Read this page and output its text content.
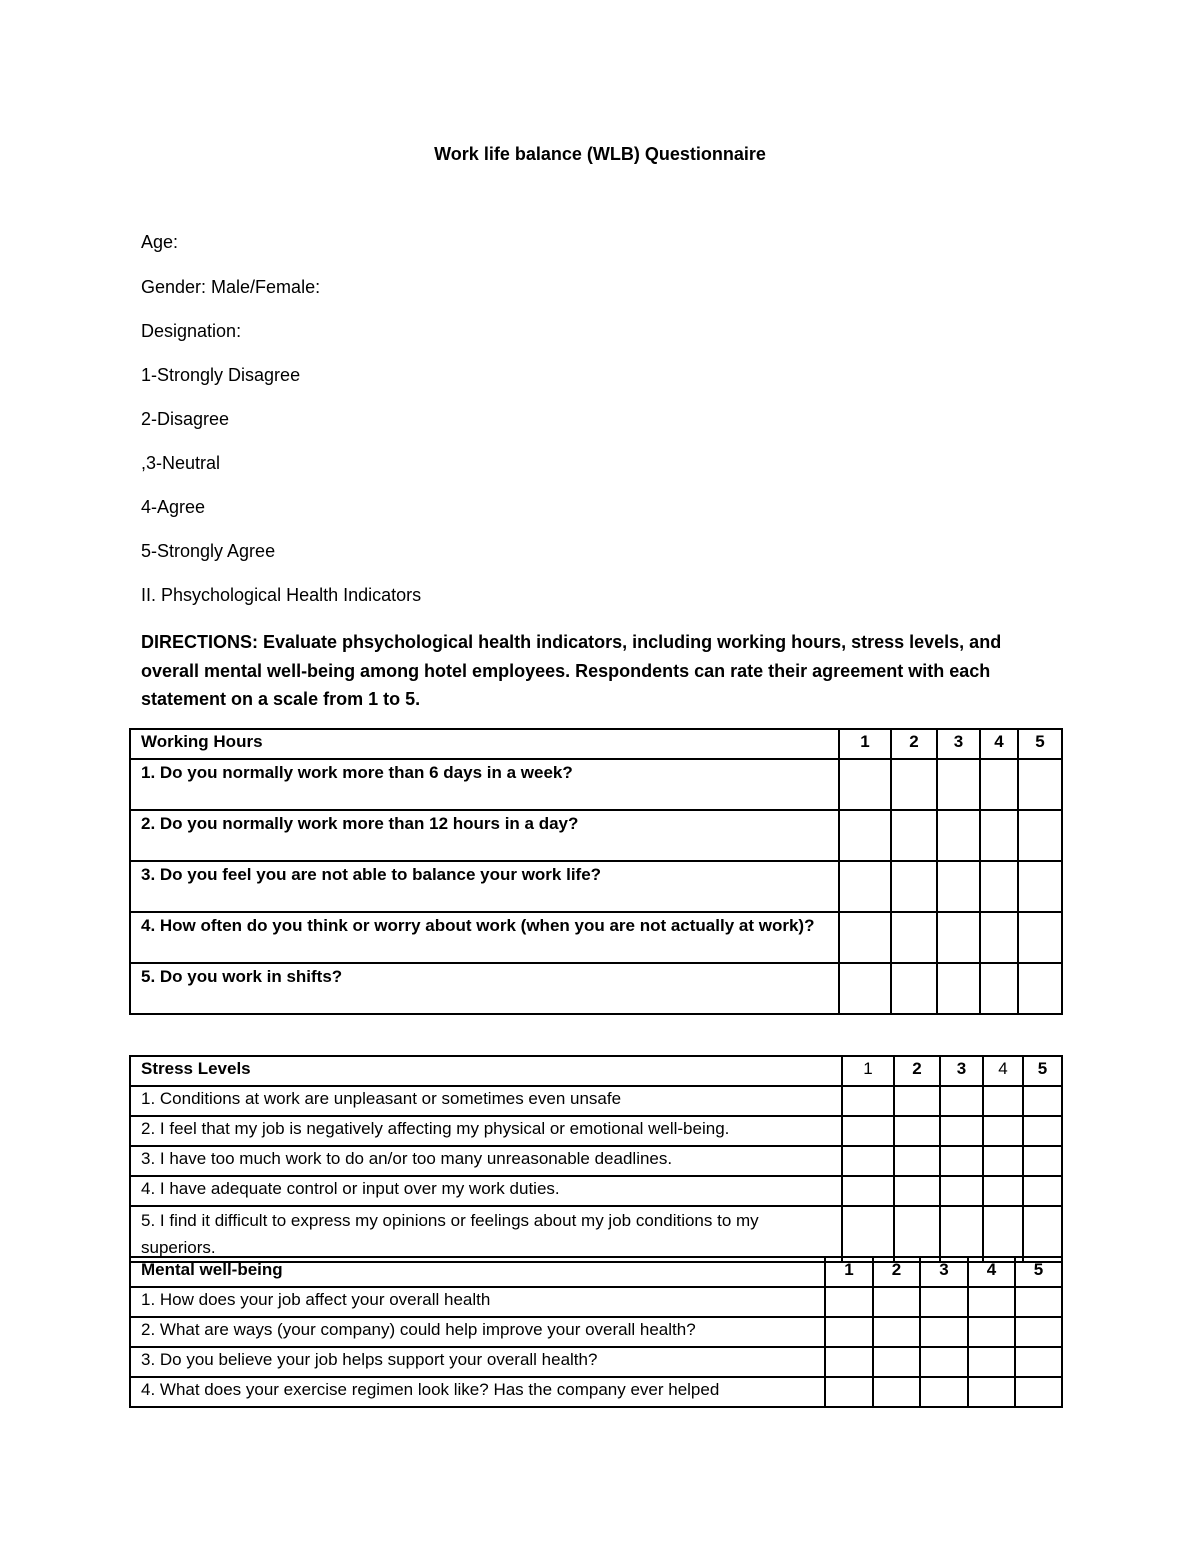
Work life balance (WLB) Questionnaire
Age:
Gender: Male/Female:
Designation:
1-Strongly Disagree
2-Disagree
,3-Neutral
4-Agree
5-Strongly Agree
II. Phsychological Health Indicators
DIRECTIONS: Evaluate phsychological health indicators, including working hours, stress levels, and overall mental well-being among hotel employees. Respondents can rate their agreement with each statement on a scale from 1 to 5.
Working Hours	1	2	3	4	5
1. Do you normally work more than 6 days in a week?					
2. Do you normally work more than 12 hours in a day?					
3. Do you feel you are not able to balance your work life?					
4. How often do you think or worry about work (when you are not actually at work)?					
5. Do you work in shifts?					
Stress Levels	1	2	3	4	5
1. Conditions at work are unpleasant or sometimes even unsafe					
2. I feel that my job is negatively affecting my physical or emotional well-being.					
3. I have too much work to do an/or too many unreasonable deadlines.					
4. I have adequate control or input over my work duties.					
5. I find it difficult to express my opinions or feelings about my job conditions to my superiors.					
Mental well-being	1	2	3	4	5
1. How does your job affect your overall health					
2. What are ways (your company) could help improve your overall health?					
3. Do you believe your job helps support your overall health?					
4. What does your exercise regimen look like? Has the company ever helped					
